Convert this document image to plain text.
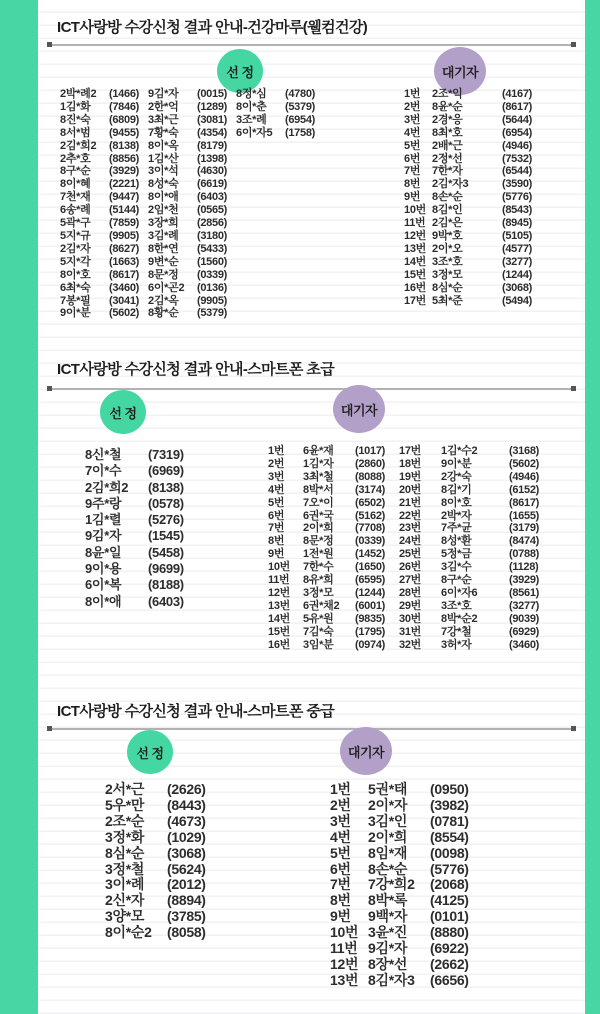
ICT사랑방 수강신청 결과 안내-건강마루(웰컴건강)
선 정	대기자
2박*례2	(1466)
1김*화	(7846)
8진*숙	(6809)
8서*범	(9455)
2김*희2	(8138)
2추*호	(8856)
8구*순	(3929)
8이*혜	(2221)
7천*재	(9447)
6송*례	(5144)
5곽*구	(7859)
5지*규	(9905)
2김*자	(8627)
5지*각	(1663)
8이*호	(8617)
6최*숙	(3460)
7봉*필	(3041)
9이*분	(5602)
9김*자	(0015)
2한*억	(1289)
3최*근	(3081)
7황*숙	(4354)
8이*옥	(8179)
1김*산	(1398)
3이*석	(4630)
8성*숙	(6619)
8이*애	(6403)
2임*천	(0565)
3장*희	(2856)
3김*례	(3180)
8한*연	(5433)
9변*순	(1560)
8문*정	(0339)
6이*곤2	(0136)
2김*옥	(9905)
8황*순	(5379)
8정*심	(4780)
8이*춘	(5379)
3조*례	(6954)
6이*자5	(1758)
1번	2조*익	(4167)
2번	8윤*순	(8617)
3번	2경*응	(5644)
4번	8최*호	(6954)
5번	2배*근	(4946)
6번	2정*선	(7532)
7번	7한*자	(6544)
8번	2김*자3	(3590)
9번	8손*순	(5776)
10번 8김*인	(8543)
11번 2김*은	(8945)
12번 9박*호	(5105)
13번 2이*오	(4577)
14번 3조*호	(3277)
15번 3정*모	(1244)
16번 8심*순	(3068)
17번 5최*준	(5494)
ICT사랑방 수강신청 결과 안내-스마트폰 초급
선 정	대기자
8신*철	(7319)
7이*수	(6969)
2김*희2	(8138)
9주*랑	(0578)
1김*렬	(5276)
9김*자	(1545)
8윤*일	(5458)
9이*용	(9699)
6이*복	(8188)
8이*애	(6403)
1번	6윤*재	(1017)
2번	1김*자	(2860)
3번	3최*철	(8088)
4번	8박*서	(3174)
5번	7오*이	(6502)
6번	6권*국	(5162)
7번	2이*희	(7708)
8번	8문*정	(0339)
9번	1전*원	(1452)
10번	7한*수	(1650)
11번	8유*희	(6595)
12번	3정*모	(1244)
13번	6권*채2	(6001)
14번	5유*원	(9835)
15번	7김*숙	(1795)
16번	3임*분	(0974)
17번	1김*수2	(3168)
18번	9이*분	(5602)
19번	2강*숙	(4946)
20번	8김*기	(6152)
21번	8이*호	(8617)
22번	2박*자	(1655)
23번	7주*균	(3179)
24번	8성*환	(8474)
25번	5정*금	(0788)
26번	3김*수	(1128)
27번	8구*순	(3929)
28번	6이*자6	(8561)
29번	3조*호	(3277)
30번	8박*순2	(9039)
31번	7강*철	(6929)
32번	3허*자	(3460)
ICT사랑방 수강신청 결과 안내-스마트폰 중급
선 정	대기자
2서*근	(2626)
5우*만	(8443)
2조*순	(4673)
3정*화	(1029)
8심*순	(3068)
3정*철	(5624)
3이*례	(2012)
2신*자	(8894)
3양*모	(3785)
8이*순2	(8058)
1번	5권*태	(0950)
2번	2이*자	(3982)
3번	3김*인	(0781)
4번	2이*희	(8554)
5번	8임*재	(0098)
6번	8손*순	(5776)
7번	7강*희2	(2068)
8번	8박*록	(4125)
9번	9백*자	(0101)
10번 3윤*진	(8880)
11번 9김*자	(6922)
12번 8장*선	(2662)
13번 8김*자3	(6656)
